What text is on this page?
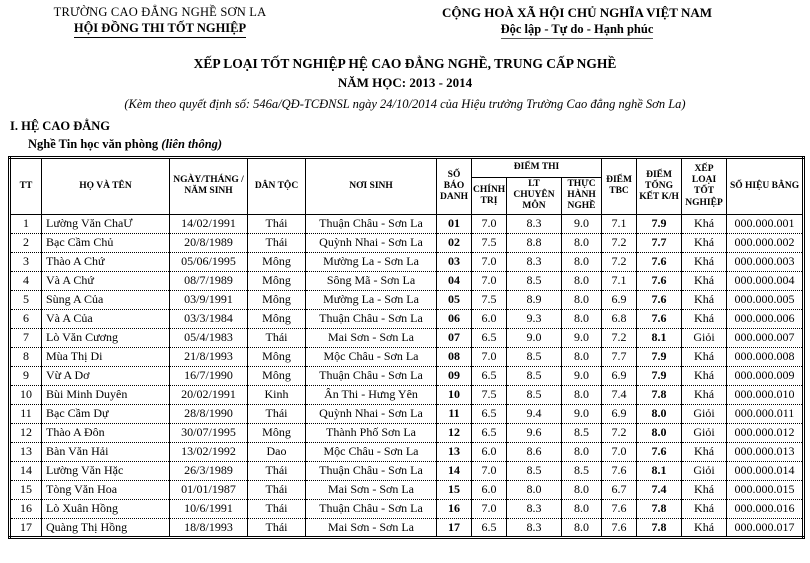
TRƯỜNG CAO ĐẲNG NGHỀ SƠN LA
HỘI ĐỒNG THI TỐT NGHIỆP
CỘNG HOÀ XÃ HỘI CHỦ NGHĨA VIỆT NAM
Độc lập - Tự do - Hạnh phúc
XẾP LOẠI TỐT NGHIỆP HỆ CAO ĐẲNG NGHỀ, TRUNG CẤP NGHỀ
NĂM HỌC: 2013 - 2014
(Kèm theo quyết định số: 546a/QĐ-TCĐNSL ngày 24/10/2014 của Hiệu trưởng Trường Cao đẳng nghề Sơn La)
I. HỆ CAO ĐẲNG
Nghề Tin học văn phòng (liên thông)
TT	HỌ VÀ TÊN	NGÀY/THÁNG / NĂM SINH	DÂN TỘC	NƠI SINH	SỐ BÁO DANH	ĐIỂM THI			ĐIỂM TBC	ĐIỂM TỔNG KẾT K/H	XẾP LOẠI TỐT NGHIỆP	SỐ HIỆU BẰNG
						CHÍNH TRỊ	LT CHUYÊN MÔN	THỰC HÀNH NGHỀ				
1	Lường Văn ChaƯ	14/02/1991	Thái	Thuận Châu - Sơn La	01	7.0	8.3	9.0	7.1	7.9	Khá	000.000.001
2	Bạc Cầm Chủ	20/8/1989	Thái	Quỳnh Nhai - Sơn La	02	7.5	8.8	8.0	7.2	7.7	Khá	000.000.002
3	Thào A Chứ	05/06/1995	Mông	Mường La - Sơn La	03	7.0	8.3	8.0	7.2	7.6	Khá	000.000.003
4	Và A Chứ	08/7/1989	Mông	Sông Mã - Sơn La	04	7.0	8.5	8.0	7.1	7.6	Khá	000.000.004
5	Sùng A Của	03/9/1991	Mông	Mường La - Sơn La	05	7.5	8.9	8.0	6.9	7.6	Khá	000.000.005
6	Và A Của	03/3/1984	Mông	Thuận Châu - Sơn La	06	6.0	9.3	8.0	6.8	7.6	Khá	000.000.006
7	Lò Văn Cương	05/4/1983	Thái	Mai Sơn - Sơn La	07	6.5	9.0	9.0	7.2	8.1	Giỏi	000.000.007
8	Mùa Thị Di	21/8/1993	Mông	Mộc Châu - Sơn La	08	7.0	8.5	8.0	7.7	7.9	Khá	000.000.008
9	Vừ A Dơ	16/7/1990	Mông	Thuận Châu - Sơn La	09	6.5	8.5	9.0	6.9	7.9	Khá	000.000.009
10	Bùi Minh Duyên	20/02/1991	Kinh	Ân Thi - Hưng Yên	10	7.5	8.5	8.0	7.4	7.8	Khá	000.000.010
11	Bạc Cầm Dự	28/8/1990	Thái	Quỳnh Nhai - Sơn La	11	6.5	9.4	9.0	6.9	8.0	Giỏi	000.000.011
12	Thào A Đôn	30/07/1995	Mông	Thành Phố Sơn La	12	6.5	9.6	8.5	7.2	8.0	Giỏi	000.000.012
13	Bàn Văn Hải	13/02/1992	Dao	Mộc Châu - Sơn La	13	6.0	8.6	8.0	7.0	7.6	Khá	000.000.013
14	Lường Văn Hặc	26/3/1989	Thái	Thuận Châu - Sơn La	14	7.0	8.5	8.5	7.6	8.1	Giỏi	000.000.014
15	Tòng Văn Hoa	01/01/1987	Thái	Mai Sơn - Sơn La	15	6.0	8.0	8.0	6.7	7.4	Khá	000.000.015
16	Lò Xuân Hồng	10/6/1991	Thái	Thuận Châu - Sơn La	16	7.0	8.3	8.0	7.6	7.8	Khá	000.000.016
17	Quàng Thị Hồng	18/8/1993	Thái	Mai Sơn - Sơn La	17	6.5	8.3	8.0	7.6	7.8	Khá	000.000.017
